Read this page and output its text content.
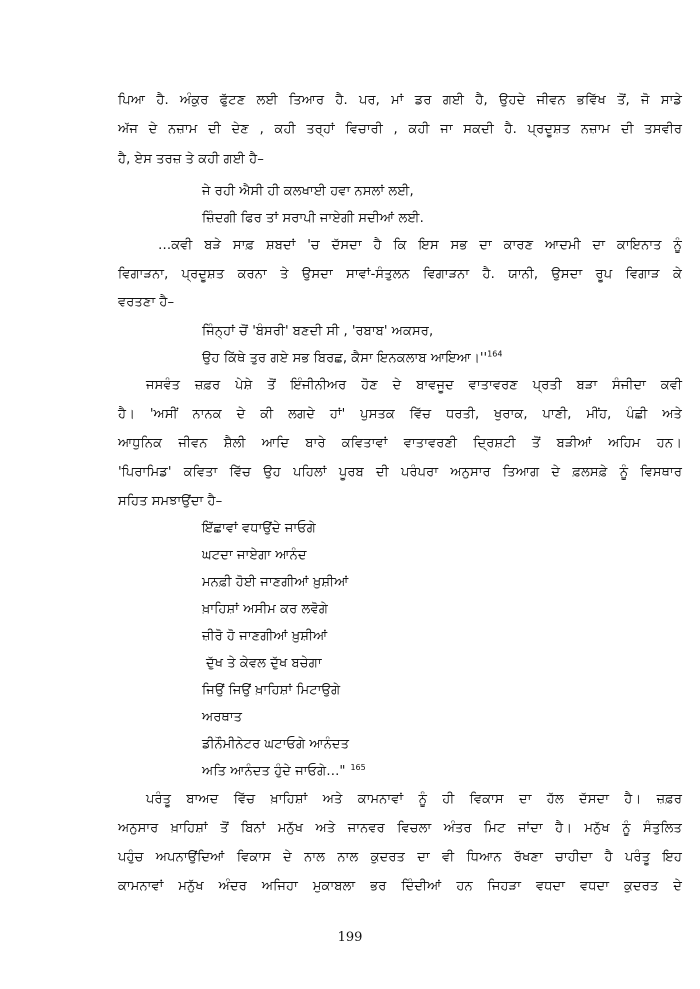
ਪਿਆ ਹੈ. ਅੰਕੁਰ ਫੁੱਟਣ ਲਈ ਤਿਆਰ ਹੈ. ਪਰ, ਮਾਂ ਡਰ ਗਈ ਹੈ, ਉਹਦੇ ਜੀਵਨ ਭਵਿੱਖ ਤੋਂ, ਜੋ ਸਾਡੇ
ਅੱਜ ਦੇ ਨਜ਼ਾਮ ਦੀ ਦੇਣ , ਕਹੀ ਤਰ੍ਹਾਂ ਵਿਚਾਰੀ , ਕਹੀ ਜਾ ਸਕਦੀ ਹੈ. ਪ੍ਰਦੂਸ਼ਤ ਨਜ਼ਾਮ ਦੀ ਤਸਵੀਰ
ਹੈ, ਏਸ ਤਰਜ਼ ਤੇ ਕਹੀ ਗਈ ਹੈ–
ਜੇ ਰਹੀ ਐਸੀ ਹੀ ਕਲਖਾਈ ਹਵਾ ਨਸਲਾਂ ਲਈ,
ਜ਼ਿੰਦਗੀ ਫਿਰ ਤਾਂ ਸਰਾਪੀ ਜਾਏਗੀ ਸਦੀਆਂ ਲਈ.
…ਕਵੀ ਬੜੇ ਸਾਫ਼ ਸ਼ਬਦਾਂ 'ਚ ਦੱਸਦਾ ਹੈ ਕਿ ਇਸ ਸਭ ਦਾ ਕਾਰਣ ਆਦਮੀ ਦਾ ਕਾਇਨਾਤ ਨੂੰ
ਵਿਗਾੜਨਾ, ਪ੍ਰਦੂਸ਼ਤ ਕਰਨਾ ਤੇ ਉਸਦਾ ਸਾਵਾਂ-ਸੰਤੁਲਨ ਵਿਗਾੜਨਾ ਹੈ. ਯਾਨੀ, ਉਸਦਾ ਰੂਪ ਵਿਗਾੜ ਕੇ
ਵਰਤਣਾ ਹੈ–
ਜਿੰਨ੍ਹਾਂ ਚੋਂ 'ਬੰਸਰੀ' ਬਣਦੀ ਸੀ , 'ਰਬਾਬ' ਅਕਸਰ,
ਉਹ ਕਿੱਥੇ ਤੁਰ ਗਏ ਸਭ ਬਿਰਛ, ਕੈਸਾ ਇਨਕਲਾਬ $ਆਇਆ।''^{164}$
ਜਸਵੰਤ ਜ਼ਫ਼ਰ ਪੇਸ਼ੇ ਤੋਂ ਇੰਜੀਨੀਅਰ ਹੋਣ ਦੇ ਬਾਵਜੂਦ ਵਾਤਾਵਰਣ ਪ੍ਰਤੀ ਬੜਾ ਸੰਜੀਦਾ ਕਵੀ
ਹੈ। 'ਅਸੀਂ ਨਾਨਕ ਦੇ ਕੀ ਲਗਦੇ ਹਾਂ' ਪੁਸਤਕ ਵਿੱਚ ਧਰਤੀ, ਖੁਰਾਕ, ਪਾਣੀ, ਮੀਂਹ, ਪੰਛੀ ਅਤੇ
ਆਧੁਨਿਕ ਜੀਵਨ ਸ਼ੈਲੀ ਆਦਿ ਬਾਰੇ ਕਵਿਤਾਵਾਂ ਵਾਤਾਵਰਣੀ ਦ੍ਰਿਸ਼ਟੀ ਤੋਂ ਬੜੀਆਂ ਅਹਿਮ ਹਨ।
'ਪਿਰਾਮਿਡ' ਕਵਿਤਾ ਵਿੱਚ ਉਹ ਪਹਿਲਾਂ ਪੂਰਬ ਦੀ ਪਰੰਪਰਾ ਅਨੁਸਾਰ ਤਿਆਗ ਦੇ ਫ਼ਲਸਫ਼ੇ ਨੂੰ ਵਿਸਥਾਰ
ਸਹਿਤ ਸਮਝਾਉਂਦਾ ਹੈ–
ਇੱਛਾਵਾਂ ਵਧਾਉਂਦੇ ਜਾਓਗੇ
ਘਟਦਾ ਜਾਏਗਾ ਆਨੰਦ
ਮਨਫ਼ੀ ਹੋਈ ਜਾਣਗੀਆਂ ਖ਼ੁਸ਼ੀਆਂ
ਖ਼ਾਹਿਸ਼ਾਂ ਅਸੀਮ ਕਰ ਲਵੋਗੇ
ਜ਼ੀਰੋ ਹੋ ਜਾਣਗੀਆਂ ਖ਼ੁਸ਼ੀਆਂ
ਦੁੱਖ ਤੇ ਕੇਵਲ ਦੁੱਖ ਬਚੇਗਾ
ਜਿਉਂ ਜਿਉਂ ਖ਼ਾਹਿਸ਼ਾਂ ਮਿਟਾਉਗੇ
ਅਰਥਾਤ
ਡੀਨੌਮੀਨੇਟਰ ਘਟਾਓਗੇ ਆਨੰਦਤ
ਅਤਿ ਆਨੰਦਤ ਹੁੰਦੇ ਜਾਓਗੇ…" $^{165}$
ਪਰੰਤੂ ਬਾਅਦ ਵਿੱਚ ਖ਼ਾਹਿਸ਼ਾਂ ਅਤੇ ਕਾਮਨਾਵਾਂ ਨੂੰ ਹੀ ਵਿਕਾਸ ਦਾ ਹੱਲ ਦੱਸਦਾ ਹੈ। ਜ਼ਫ਼ਰ
ਅਨੁਸਾਰ ਖ਼ਾਹਿਸ਼ਾਂ ਤੋਂ ਬਿਨਾਂ ਮਨੁੱਖ ਅਤੇ ਜਾਨਵਰ ਵਿਚਲਾ ਅੰਤਰ ਮਿਟ ਜਾਂਦਾ ਹੈ। ਮਨੁੱਖ ਨੂੰ ਸੰਤੁਲਿਤ
ਪਹੁੰਚ ਅਪਨਾਉਂਦਿਆਂ ਵਿਕਾਸ ਦੇ ਨਾਲ ਨਾਲ ਕੁਦਰਤ ਦਾ ਵੀ ਧਿਆਨ ਰੱਖਣਾ ਚਾਹੀਦਾ ਹੈ ਪਰੰਤੂ ਇਹ
ਕਾਮਨਾਵਾਂ ਮਨੁੱਖ ਅੰਦਰ ਅਜਿਹਾ ਮੁਕਾਬਲਾ ਭਰ ਦਿੰਦੀਆਂ ਹਨ ਜਿਹੜਾ ਵਧਦਾ ਵਧਦਾ ਕੁਦਰਤ ਦੇ
199
